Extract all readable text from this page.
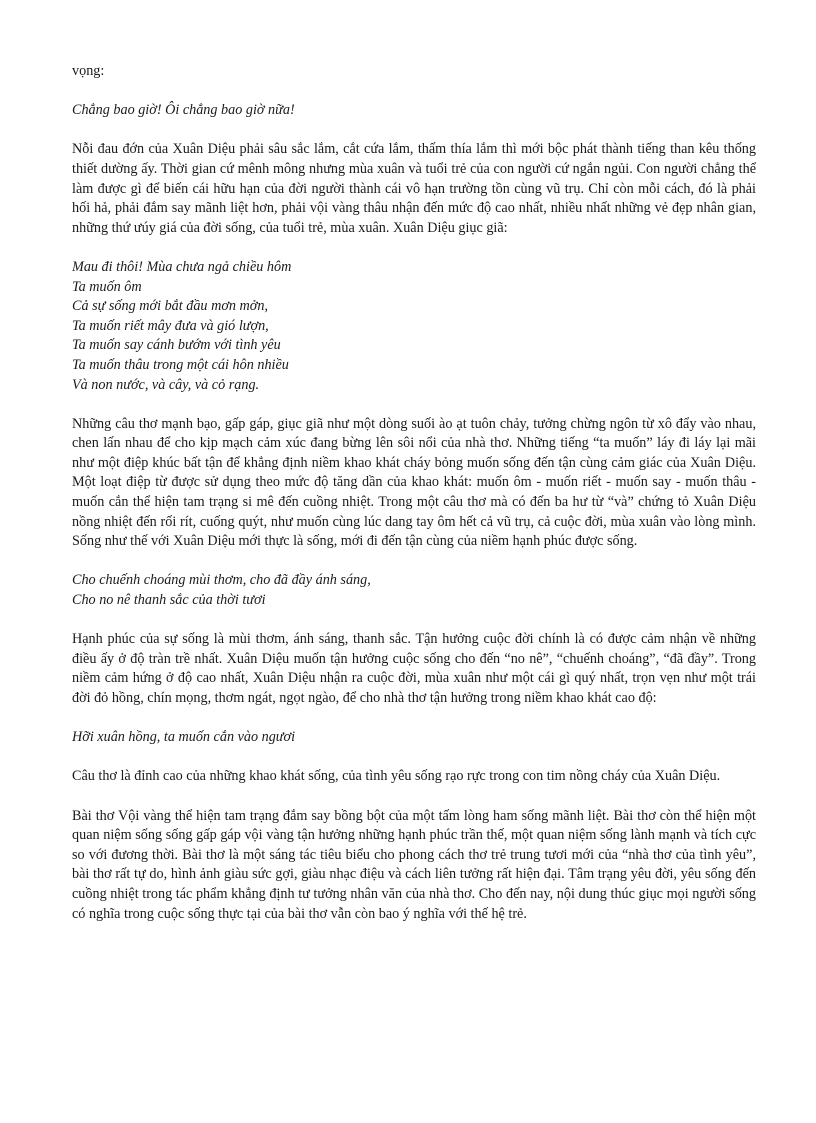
vọng:

Chẳng bao giờ! Ôi chẳng bao giờ nữa!

Nỗi đau đớn của Xuân Diệu phải sâu sắc lắm, cắt cứa lắm, thấm thía lắm thì mới bộc phát thành tiếng than kêu thống thiết dường ấy. Thời gian cứ mênh mông nhưng mùa xuân và tuổi trẻ của con người cứ ngắn ngủi. Con người chẳng thể làm được gì để biến cái hữu hạn của đời người thành cái vô hạn trường tồn cùng vũ trụ. Chỉ còn mỗi cách, đó là phải hối hả, phải đắm say mãnh liệt hơn, phải vội vàng thâu nhận đến mức độ cao nhất, nhiều nhất những vẻ đẹp nhân gian, những thứ ưúy giá của đời sống, của tuổi trẻ, mùa xuân. Xuân Diệu giục giã:

Mau đi thôi! Mùa chưa ngả chiều hôm
Ta muốn ôm
Cả sự sống mới bắt đầu mơn mởn,
Ta muốn riết mây đưa và gió lượn,
Ta muốn say cánh bướm với tình yêu
Ta muốn thâu trong một cái hôn nhiều
Và non nước, và cây, và cỏ rạng.

Những câu thơ mạnh bạo, gấp gáp, giục giã như một dòng suối ào ạt tuôn chảy, tưởng chừng ngôn từ xô đẩy vào nhau, chen lấn nhau để cho kịp mạch cảm xúc đang bừng lên sôi nổi của nhà thơ. Những tiếng “ta muốn” láy đi láy lại mãi như một điệp khúc bất tận để khẳng định niềm khao khát cháy bỏng muốn sống đến tận cùng cảm giác của Xuân Diệu. Một loạt điệp từ được sử dụng theo mức độ tăng dần của khao khát: muốn ôm - muốn riết - muốn say - muốn thâu - muốn cắn thể hiện tam trạng si mê đến cuồng nhiệt. Trong một câu thơ mà có đến ba hư từ “và” chứng tỏ Xuân Diệu nồng nhiệt đến rối rít, cuống quýt, như muốn cùng lúc dang tay ôm hết cả vũ trụ, cả cuộc đời, mùa xuân vào lòng mình. Sống như thế với Xuân Diệu mới thực là sống, mới đi đến tận cùng của niềm hạnh phúc được sống.

Cho chuếnh choáng mùi thơm, cho đã đầy ánh sáng,
Cho no nê thanh sắc của thời tươi

Hạnh phúc của sự sống là mùi thơm, ánh sáng, thanh sắc. Tận hưởng cuộc đời chính là có được cảm nhận về những điều ấy ở độ tràn trề nhất. Xuân Diệu muốn tận hưởng cuộc sống cho đến “no nê”, “chuếnh choáng”, “đã đầy”. Trong niềm cảm hứng ở độ cao nhất, Xuân Diệu nhận ra cuộc đời, mùa xuân như một cái gì quý nhất, trọn vẹn như một trái đời đỏ hồng, chín mọng, thơm ngát, ngọt ngào, để cho nhà thơ tận hưởng trong niềm khao khát cao độ:

Hỡi xuân hồng, ta muốn cắn vào ngươi

Câu thơ là đỉnh cao của những khao khát sống, của tình yêu sống rạo rực trong con tim nồng cháy của Xuân Diệu.

Bài thơ Vội vàng thể hiện tam trạng đắm say bồng bột của một tấm lòng ham sống mãnh liệt. Bài thơ còn thể hiện một quan niệm sống sống gấp gáp vội vàng tận hưởng những hạnh phúc trần thế, một quan niệm sống lành mạnh và tích cực so với đương thời. Bài thơ là một sáng tác tiêu biểu cho phong cách thơ trẻ trung tươi mới của “nhà thơ của tình yêu”, bài thơ rất tự do, hình ảnh giàu sức gợi, giàu nhạc điệu và cách liên tưởng rất hiện đại. Tâm trạng yêu đời, yêu sống đến cuồng nhiệt trong tác phẩm khẳng định tư tưởng nhân văn của nhà thơ. Cho đến nay, nội dung thúc giục mọi người sống có nghĩa trong cuộc sống thực tại của bài thơ vẫn còn bao ý nghĩa với thế hệ trẻ.
